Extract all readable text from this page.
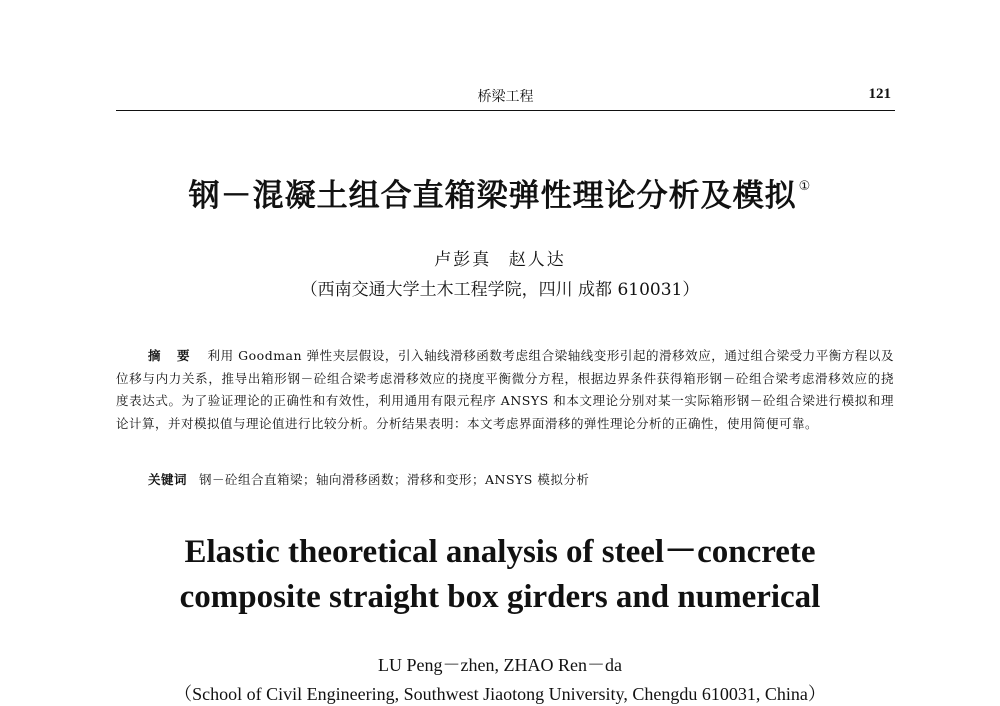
桥梁工程	121
钢－混凝土组合直箱梁弹性理论分析及模拟 ①
卢彭真 赵人达
（西南交通大学土木工程学院，四川 成都 610031）
摘 要 利用 Goodman 弹性夹层假设，引入轴线滑移函数考虑组合梁轴线变形引起的滑移效应，通过组合梁受力平衡方程以及位移与内力关系，推导出箱形钢－砼组合梁考虑滑移效应的挠度平衡微分方程，根据边界条件获得箱形钢－砼组合梁考虑滑移效应的挠度表达式。为了验证理论的正确性和有效性，利用通用有限元程序 ANSYS 和本文理论分别对某一实际箱形钢－砼组合梁进行模拟和理论计算，并对模拟值与理论值进行比较分析。分析结果表明：本文考虑界面滑移的弹性理论分析的正确性，使用简便可靠。
关键词 钢－砼组合直箱梁；轴向滑移函数；滑移和变形；ANSYS 模拟分析
Elastic theoretical analysis of steel－concrete
composite straight box girders and numerical
LU Peng－zhen, ZHAO Ren－da
（School of Civil Engineering, Southwest Jiaotong University, Chengdu 610031, China）
